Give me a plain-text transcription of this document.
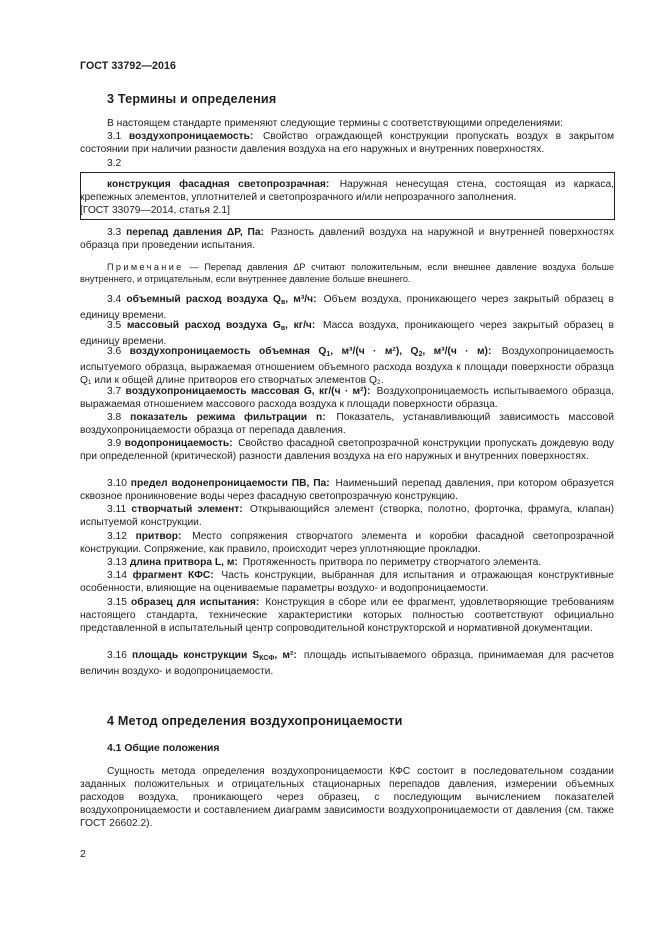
ГОСТ 33792—2016
3 Термины и определения
В настоящем стандарте применяют следующие термины с соответствующими определениями:
3.1 воздухопроницаемость: Свойство ограждающей конструкции пропускать воздух в закрытом состоянии при наличии разности давления воздуха на его наружных и внутренних поверхностях.
3.2
конструкция фасадная светопрозрачная: Наружная ненесущая стена, состоящая из каркаса, крепежных элементов, уплотнителей и светопрозрачного и/или непрозрачного заполнения.
[ГОСТ 33079—2014, статья 2.1]
3.3 перепад давления ΔP, Па: Разность давлений воздуха на наружной и внутренней поверхностях образца при проведении испытания.
Примечание — Перепад давления ΔP считают положительным, если внешнее давление воздуха больше внутреннего, и отрицательным, если внутреннее давление больше внешнего.
3.4 объемный расход воздуха $Q_в$, м³/ч: Объем воздуха, проникающего через закрытый образец в единицу времени.
3.5 массовый расход воздуха $G_в$, кг/ч: Масса воздуха, проникающего через закрытый образец в единицу времени.
3.6 воздухопроницаемость объемная $Q_1$, м³/(ч · м²), $Q_2$, м³/(ч · м): Воздухопроницаемость испытуемого образца, выражаемая отношением объемного расхода воздуха к площади поверхности образца Q₁ или к общей длине притворов его створчатых элементов Q₂.
3.7 воздухопроницаемость массовая G, кг/(ч · м²): Воздухопроницаемость испытываемого образца, выражаемая отношением массового расхода воздуха к площади поверхности образца.
3.8 показатель режима фильтрации n: Показатель, устанавливающий зависимость массовой воздухопроницаемости образца от перепада давления.
3.9 водопроницаемость: Свойство фасадной светопрозрачной конструкции пропускать дождевую воду при определенной (критической) разности давления воздуха на его наружных и внутренних поверхностях.
3.10 предел водонепроницаемости ПВ, Па: Наименьший перепад давления, при котором образуется сквозное проникновение воды через фасадную светопрозрачную конструкцию.
3.11 створчатый элемент: Открывающийся элемент (створка, полотно, форточка, фрамуга, клапан) испытуемой конструкции.
3.12 притвор: Место сопряжения створчатого элемента и коробки фасадной светопрозрачной конструкции. Сопряжение, как правило, происходит через уплотняющие прокладки.
3.13 длина притвора L, м: Протяженность притвора по периметру створчатого элемента.
3.14 фрагмент КФС: Часть конструкции, выбранная для испытания и отражающая конструктивные особенности, влияющие на оцениваемые параметры воздухо- и водопроницаемости.
3.15 образец для испытания: Конструкция в сборе или ее фрагмент, удовлетворяющие требованиям настоящего стандарта, технические характеристики которых полностью соответствуют официально представленной в испытательный центр сопроводительной конструкторской и нормативной документации.
3.16 площадь конструкции $S_{КСФ}$, м²: площадь испытываемого образца, принимаемая для расчетов величин воздухо- и водопроницаемости.
4 Метод определения воздухопроницаемости
4.1 Общие положения
Сущность метода определения воздухопроницаемости КФС состоит в последовательном создании заданных положительных и отрицательных стационарных перепадов давления, измерении объемных расходов воздуха, проникающего через образец, с последующим вычислением показателей воздухопроницаемости и составлением диаграмм зависимости воздухопроницаемости от давления (см. также ГОСТ 26602.2).
2
